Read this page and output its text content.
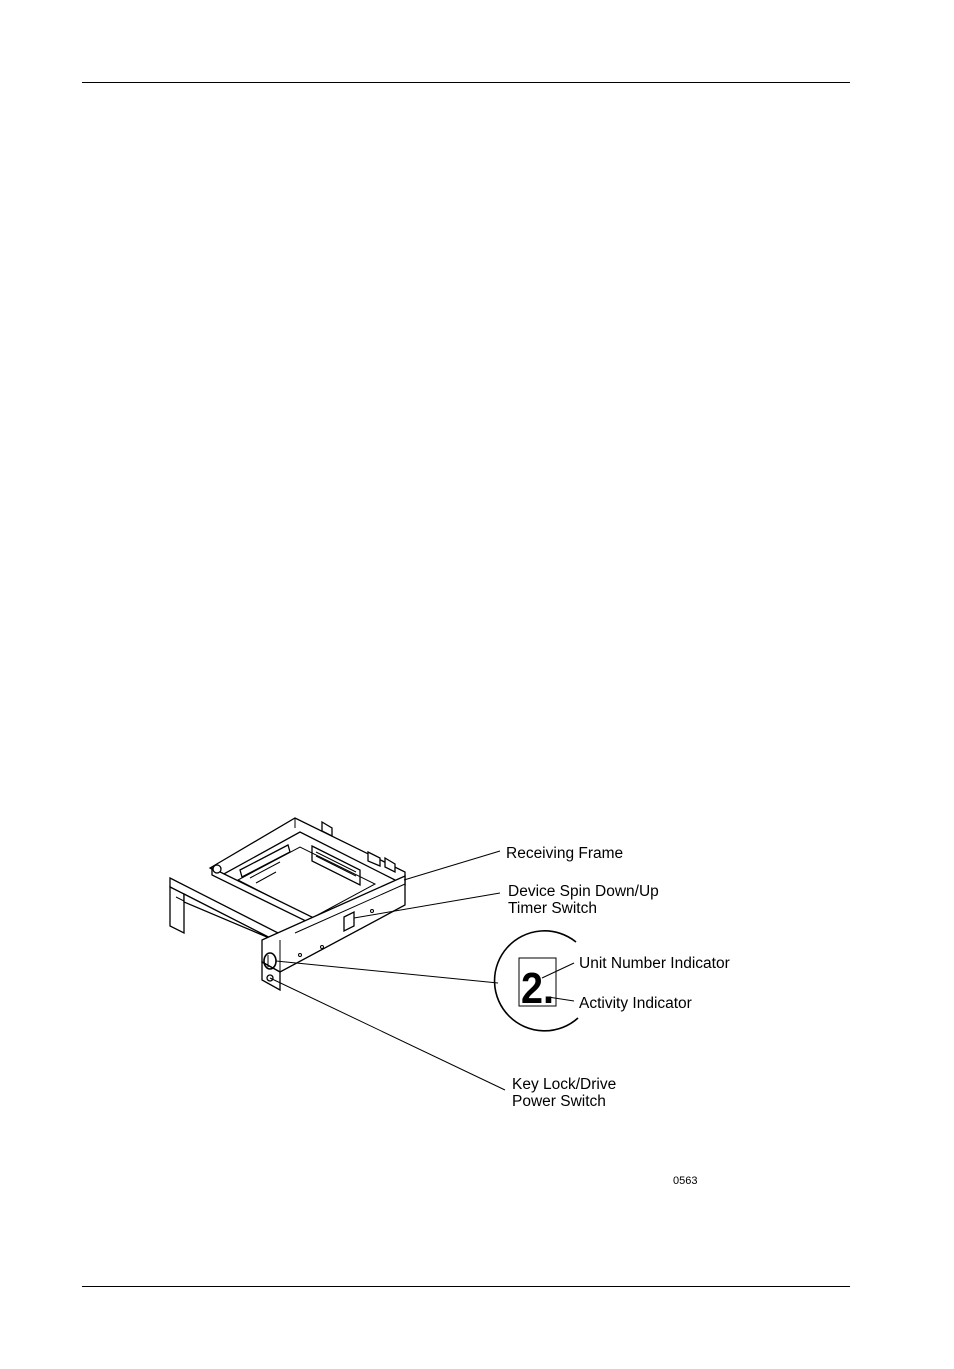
2.
Receiving Frame
Device Spin Down/Up
Timer Switch
Unit Number Indicator
Activity Indicator
Key Lock/Drive
Power Switch
0563
